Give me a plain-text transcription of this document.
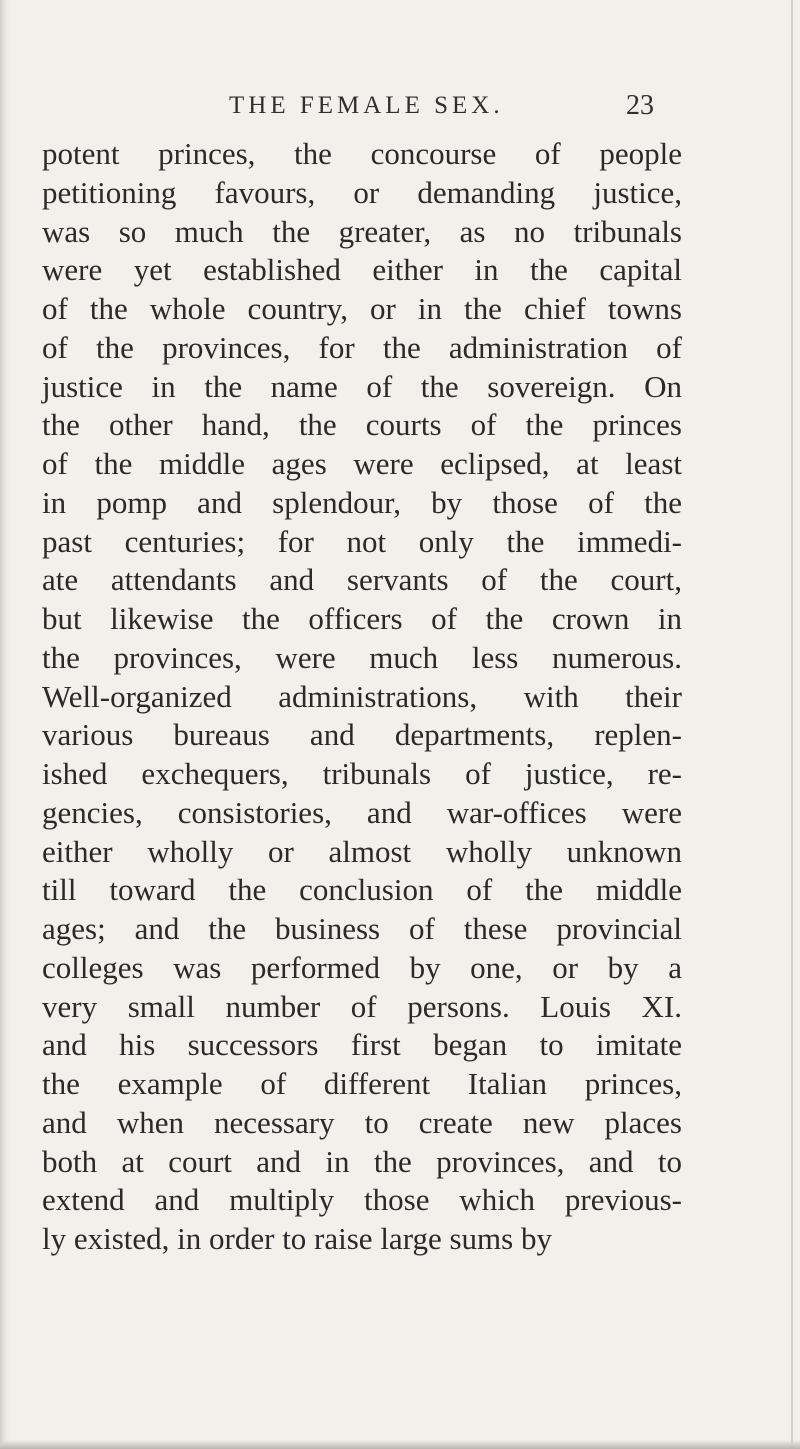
THE FEMALE SEX.	23
potent princes, the concourse of people
petitioning favours, or demanding justice,
was so much the greater, as no tribunals
were yet established either in the capital
of the whole country, or in the chief towns
of the provinces, for the administration of
justice in the name of the sovereign. On
the other hand, the courts of the princes
of the middle ages were eclipsed, at least
in pomp and splendour, by those of the
past centuries; for not only the immedi-
ate attendants and servants of the court,
but likewise the officers of the crown in
the provinces, were much less numerous.
Well-organized administrations, with their
various bureaus and departments, replen-
ished exchequers, tribunals of justice, re-
gencies, consistories, and war-offices were
either wholly or almost wholly unknown
till toward the conclusion of the middle
ages; and the business of these provincial
colleges was performed by one, or by a
very small number of persons. Louis XI.
and his successors first began to imitate
the example of different Italian princes,
and when necessary to create new places
both at court and in the provinces, and to
extend and multiply those which previous-
ly existed, in order to raise large sums by
